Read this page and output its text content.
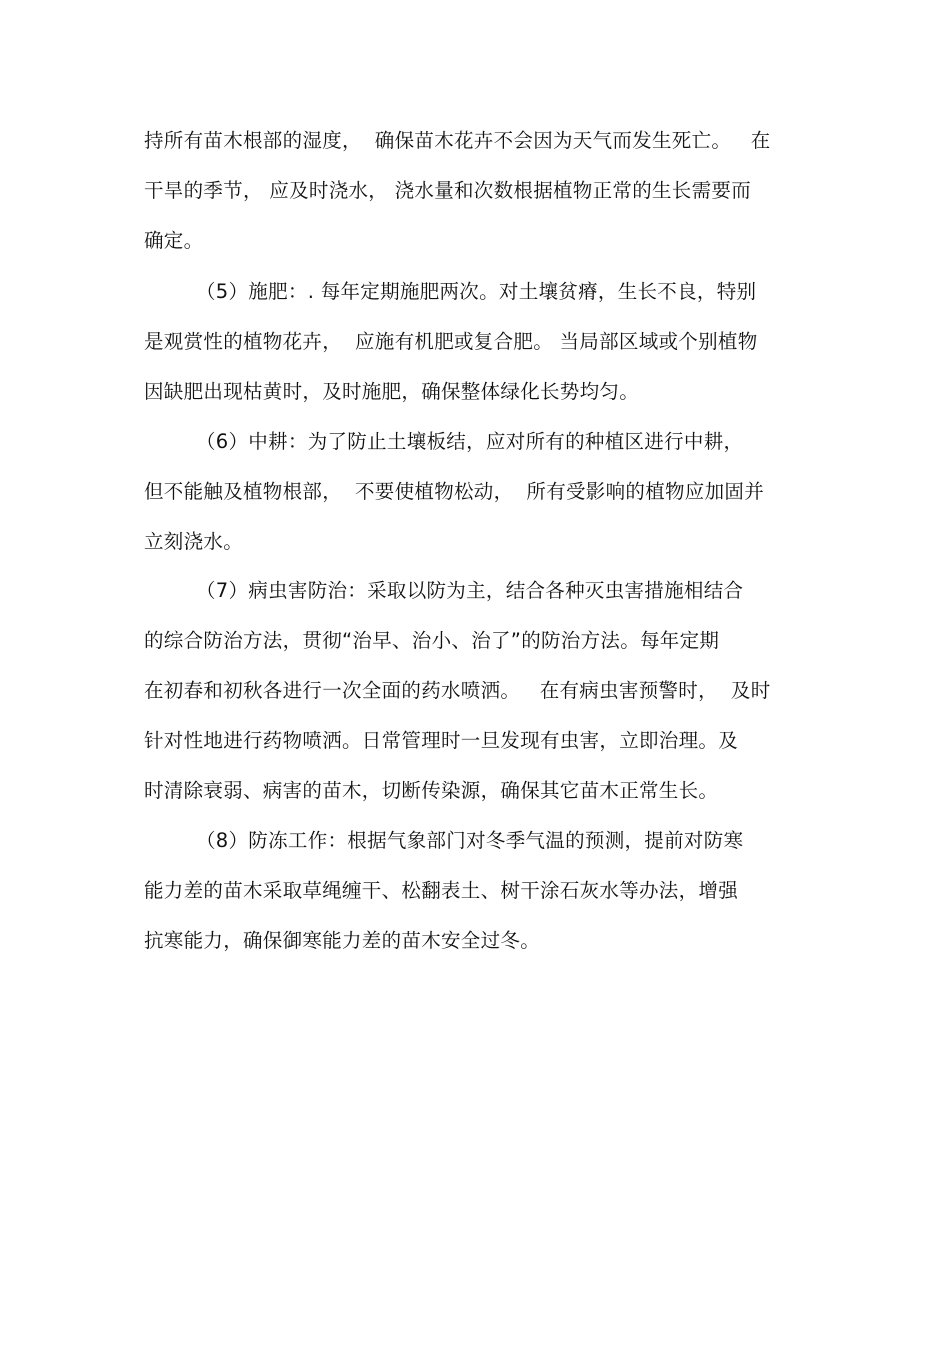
持所有苗木根部的湿度，  确保苗木花卉不会因为天气而发生死亡。   在
干旱的季节， 应及时浇水， 浇水量和次数根据植物正常的生长需要而
确定。
（5）施肥：. 每年定期施肥两次。对土壤贫瘠，生长不良，特别
是观赏性的植物花卉，  应施有机肥或复合肥。 当局部区域或个别植物
因缺肥出现枯黄时，及时施肥，确保整体绿化长势均匀。
（6）中耕：为了防止土壤板结，应对所有的种植区进行中耕，
但不能触及植物根部，  不要使植物松动，  所有受影响的植物应加固并
立刻浇水。
（7）病虫害防治：采取以防为主，结合各种灭虫害措施相结合
的综合防治方法，贯彻“治早、治小、治了”的防治方法。每年定期
在初春和初秋各进行一次全面的药水喷洒。   在有病虫害预警时，  及时
针对性地进行药物喷洒。日常管理时一旦发现有虫害，立即治理。及
时清除衰弱、病害的苗木，切断传染源，确保其它苗木正常生长。
（8）防冻工作：根据气象部门对冬季气温的预测，提前对防寒
能力差的苗木采取草绳缠干、松翻表土、树干涂石灰水等办法，增强
抗寒能力，确保御寒能力差的苗木安全过冬。
